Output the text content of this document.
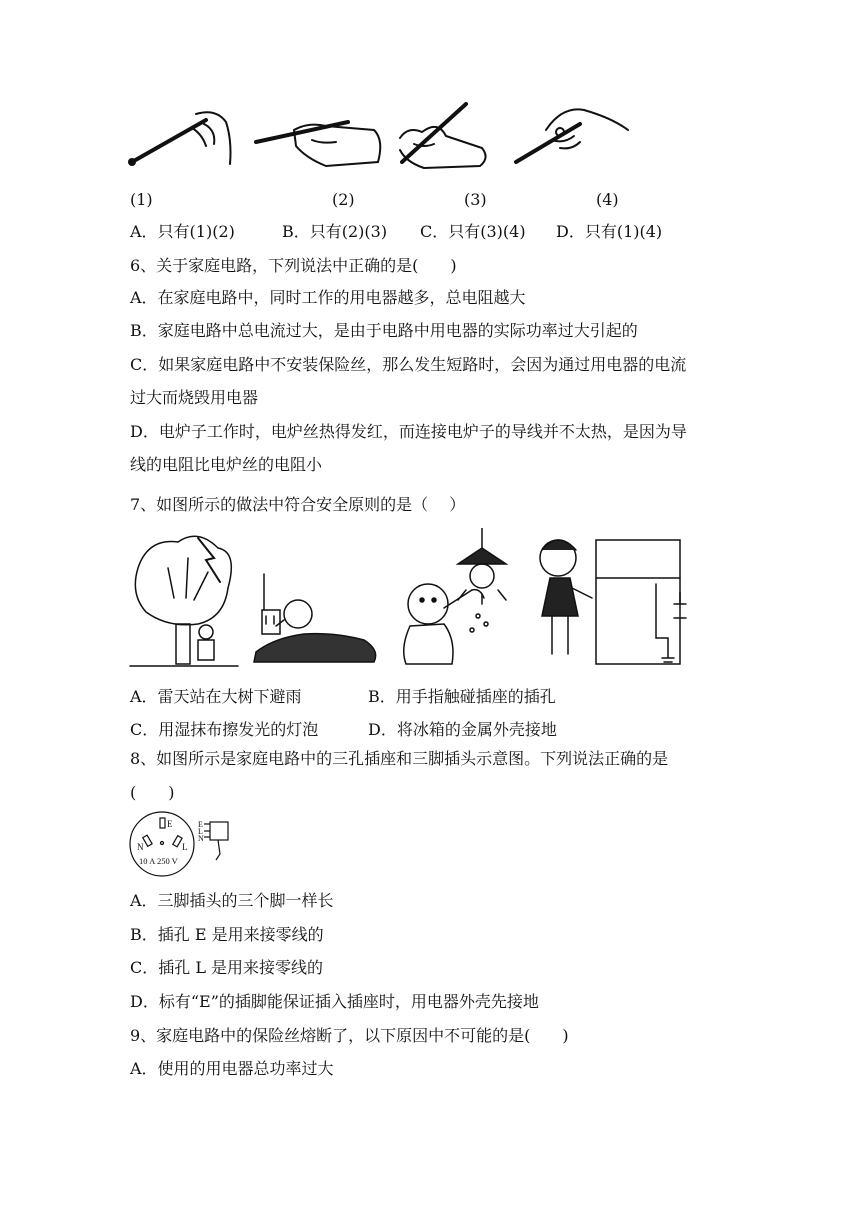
(1)	(2)	(3)	(4)
A．只有(1)(2)	B．只有(2)(3) C．只有(3)(4) D．只有(1)(4)
6、关于家庭电路，下列说法中正确的是(　　)
A．在家庭电路中，同时工作的用电器越多，总电阻越大
B．家庭电路中总电流过大，是由于电路中用电器的实际功率过大引起的
C．如果家庭电路中不安装保险丝，那么发生短路时，会因为通过用电器的电流
过大而烧毁用电器
D．电炉子工作时，电炉丝热得发红，而连接电炉子的导线并不太热，是因为导
线的电阻比电炉丝的电阻小
7、如图所示的做法中符合安全原则的是（　 ）
A．雷天站在大树下避雨	B．用手指触碰插座的插孔
C．用湿抹布擦发光的灯泡	D．将冰箱的金属外壳接地
8、如图所示是家庭电路中的三孔插座和三脚插头示意图。下列说法正确的是
(　　)
E
N	L
10 A 250 V
E
L
N
A．三脚插头的三个脚一样长
B．插孔 E 是用来接零线的
C．插孔 L 是用来接零线的
D．标有“E”的插脚能保证插入插座时，用电器外壳先接地
9、家庭电路中的保险丝熔断了，以下原因中不可能的是(　　)
A．使用的用电器总功率过大
